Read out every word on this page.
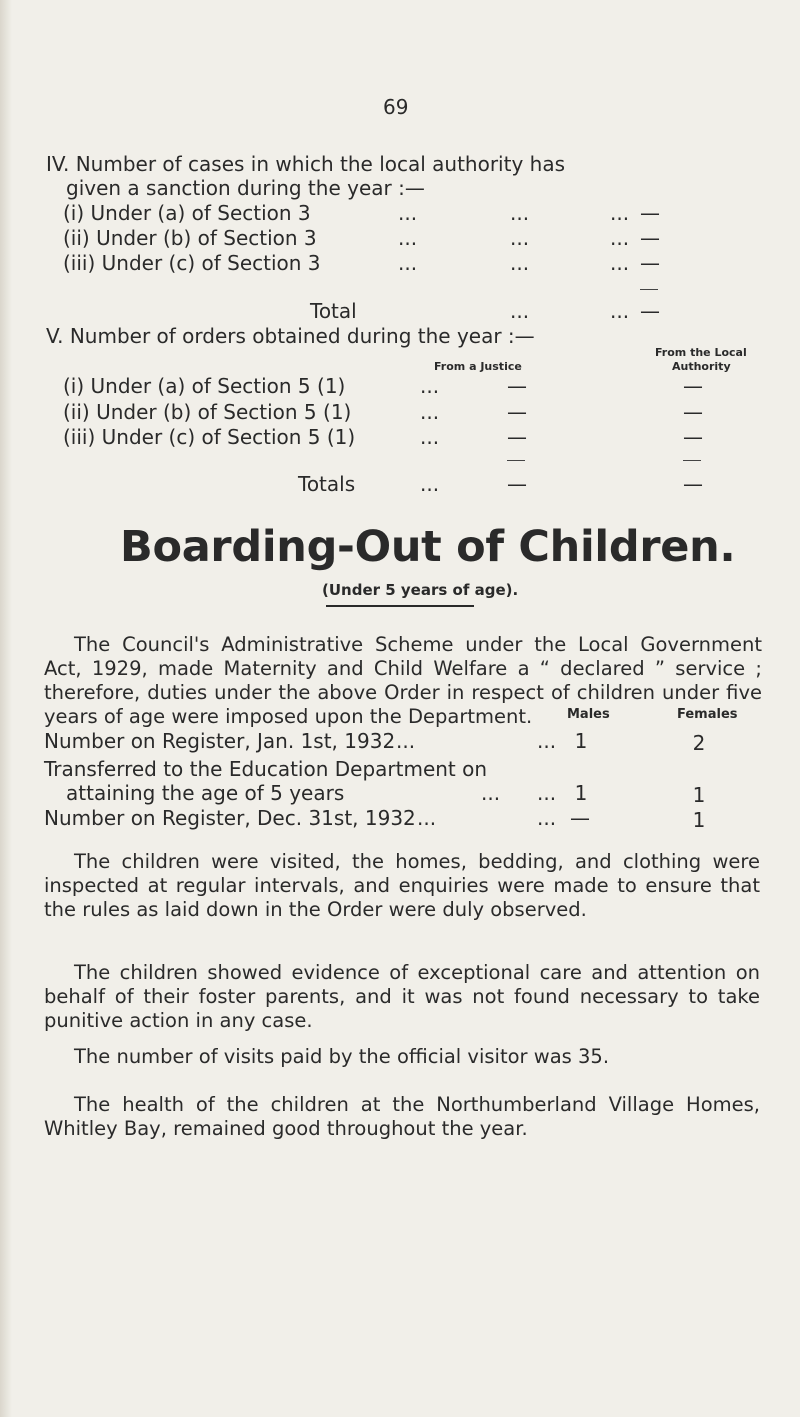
69
IV. Number of cases in which the local authority has
given a sanction during the year :—
(i) Under (a) of Section 3	...	...	... —
(ii) Under (b) of Section 3	...	...	... —
(iii) Under (c) of Section 3	...	...	... —
Total	...	... —
V. Number of orders obtained during the year :—
From the Local
From a Justice	Authority
(i) Under (a) of Section 5 (1)	...	—	—
(ii) Under (b) of Section 5 (1)	...	—	—
(iii) Under (c) of Section 5 (1)	...	—	—
Totals	...	—	—
Boarding-Out of Children.
(Under 5 years of age).

The Council's Administrative Scheme under the Local Government Act, 1929, made Maternity and Child Welfare a “ declared ” service ; therefore, duties under the above Order in respect of children under five years of age were imposed upon the Department.	Males	Females
Number on Register, Jan. 1st, 1932 ...	... 1	2
Transferred to the Education Department on
attaining the age of 5 years	... ... 1	1
Number on Register, Dec. 31st, 1932 ...	... —	1

The children were visited, the homes, bedding, and clothing were inspected at regular intervals, and enquiries were made to ensure that the rules as laid down in the Order were duly observed.

The children showed evidence of exceptional care and attention on behalf of their foster parents, and it was not found necessary to take punitive action in any case.

The number of visits paid by the official visitor was 35.

The health of the children at the Northumberland Village Homes, Whitley Bay, remained good throughout the year.
